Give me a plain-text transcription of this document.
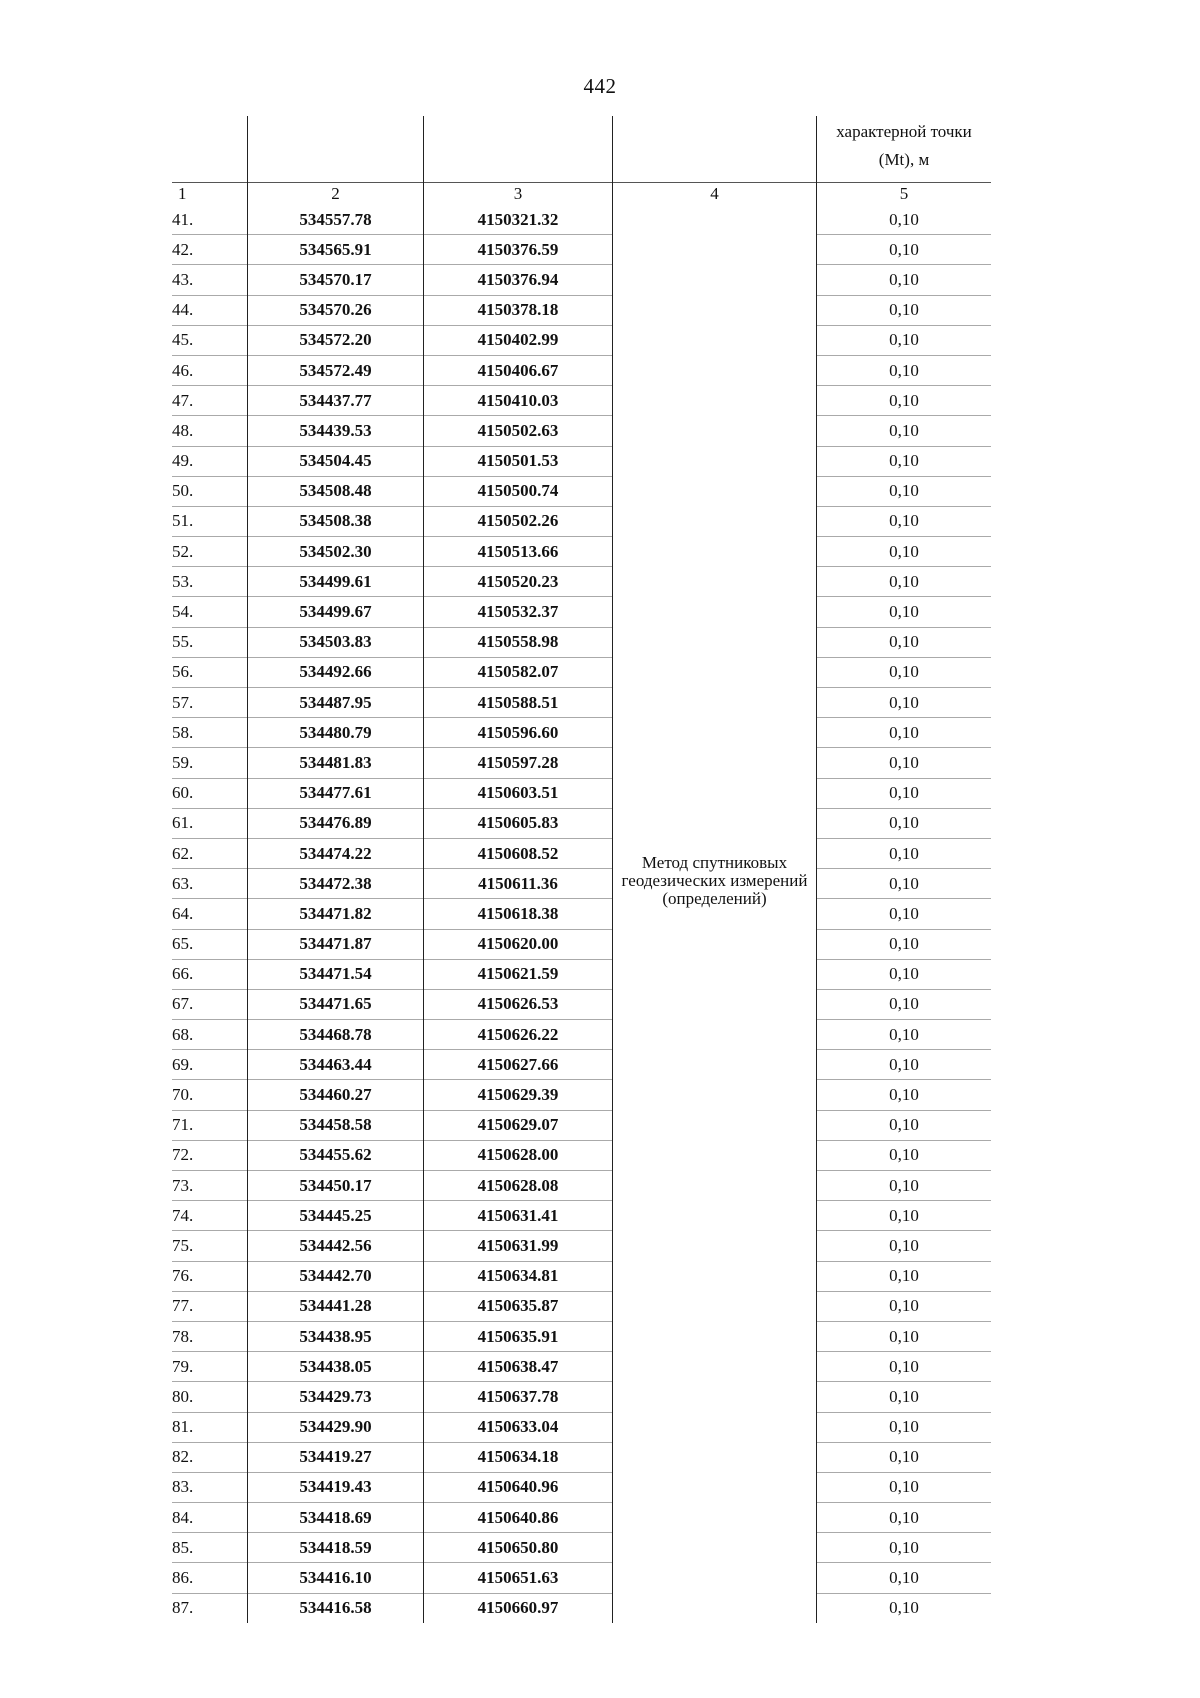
442
				характерной точки (Mt), м
1	2	3	4	5
41.	534557.78	4150321.32	Метод спутниковых геодезических измерений (определений)	0,10
42.	534565.91	4150376.59		0,10
43.	534570.17	4150376.94		0,10
44.	534570.26	4150378.18		0,10
45.	534572.20	4150402.99		0,10
46.	534572.49	4150406.67		0,10
47.	534437.77	4150410.03		0,10
48.	534439.53	4150502.63		0,10
49.	534504.45	4150501.53		0,10
50.	534508.48	4150500.74		0,10
51.	534508.38	4150502.26		0,10
52.	534502.30	4150513.66		0,10
53.	534499.61	4150520.23		0,10
54.	534499.67	4150532.37		0,10
55.	534503.83	4150558.98		0,10
56.	534492.66	4150582.07		0,10
57.	534487.95	4150588.51		0,10
58.	534480.79	4150596.60		0,10
59.	534481.83	4150597.28		0,10
60.	534477.61	4150603.51		0,10
61.	534476.89	4150605.83		0,10
62.	534474.22	4150608.52		0,10
63.	534472.38	4150611.36		0,10
64.	534471.82	4150618.38		0,10
65.	534471.87	4150620.00		0,10
66.	534471.54	4150621.59		0,10
67.	534471.65	4150626.53		0,10
68.	534468.78	4150626.22		0,10
69.	534463.44	4150627.66		0,10
70.	534460.27	4150629.39		0,10
71.	534458.58	4150629.07		0,10
72.	534455.62	4150628.00		0,10
73.	534450.17	4150628.08		0,10
74.	534445.25	4150631.41		0,10
75.	534442.56	4150631.99		0,10
76.	534442.70	4150634.81		0,10
77.	534441.28	4150635.87		0,10
78.	534438.95	4150635.91		0,10
79.	534438.05	4150638.47		0,10
80.	534429.73	4150637.78		0,10
81.	534429.90	4150633.04		0,10
82.	534419.27	4150634.18		0,10
83.	534419.43	4150640.96		0,10
84.	534418.69	4150640.86		0,10
85.	534418.59	4150650.80		0,10
86.	534416.10	4150651.63		0,10
87.	534416.58	4150660.97		0,10
